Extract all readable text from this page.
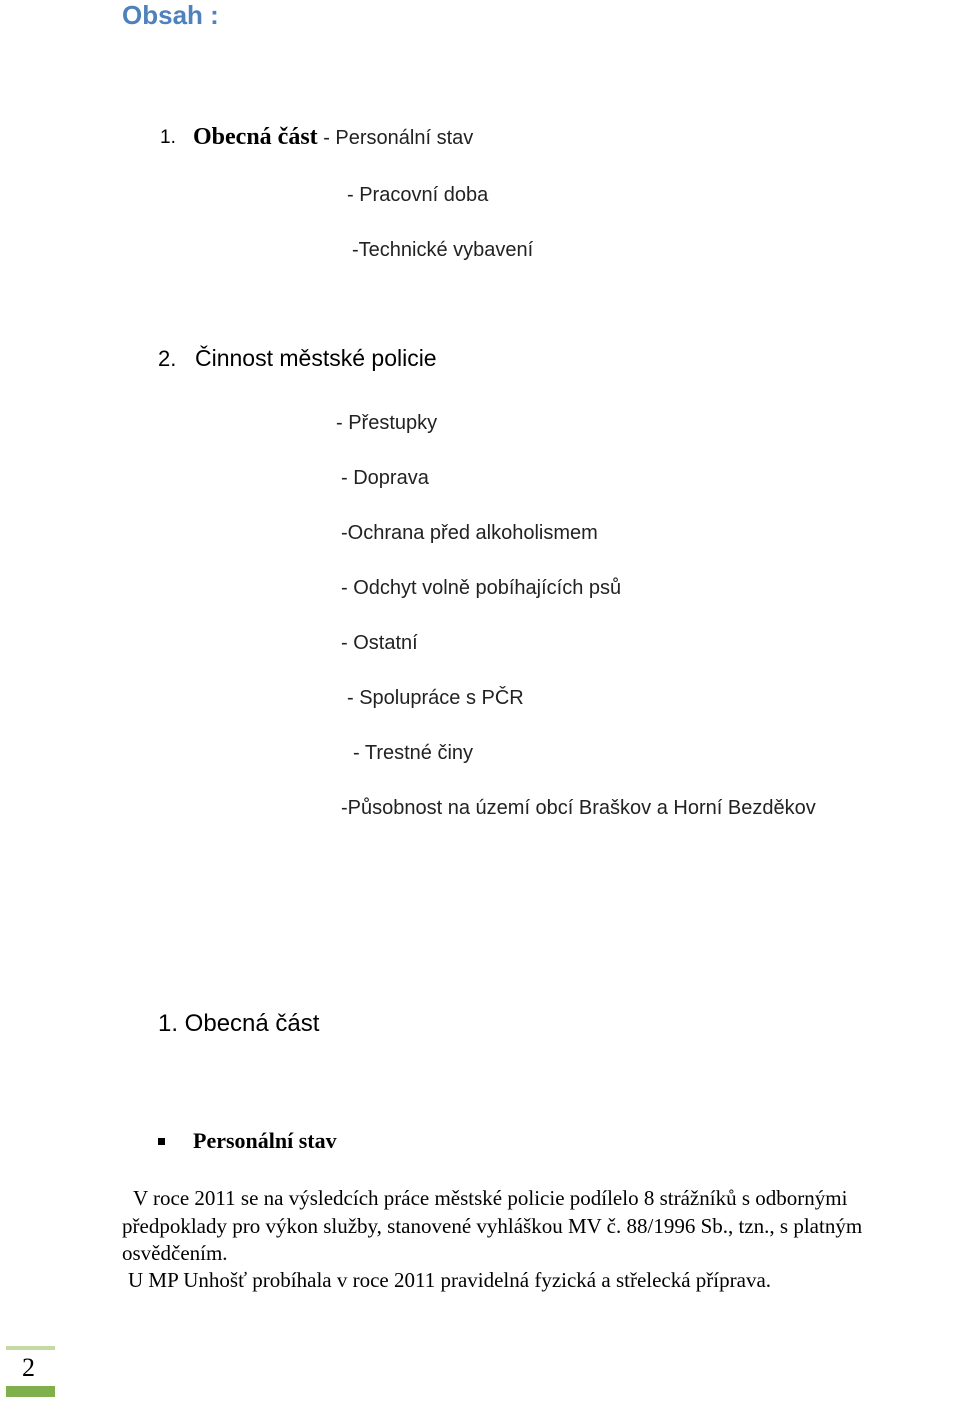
Obsah :
1. Obecná část - Personální stav
- Pracovní doba
-Technické vybavení
2. Činnost městské policie
- Přestupky
- Doprava
-Ochrana před alkoholismem
- Odchyt volně pobíhajících psů
- Ostatní
- Spolupráce s PČR
- Trestné činy
-Působnost na území obcí Braškov a Horní Bezděkov
1. Obecná část
Personální stav
V roce 2011 se na výsledcích práce městské policie podílelo 8 strážníků s odbornými
předpoklady pro výkon služby, stanovené vyhláškou MV č. 88/1996 Sb., tzn., s platným
osvědčením.
U MP Unhošť probíhala v roce 2011 pravidelná fyzická a střelecká příprava.
2
